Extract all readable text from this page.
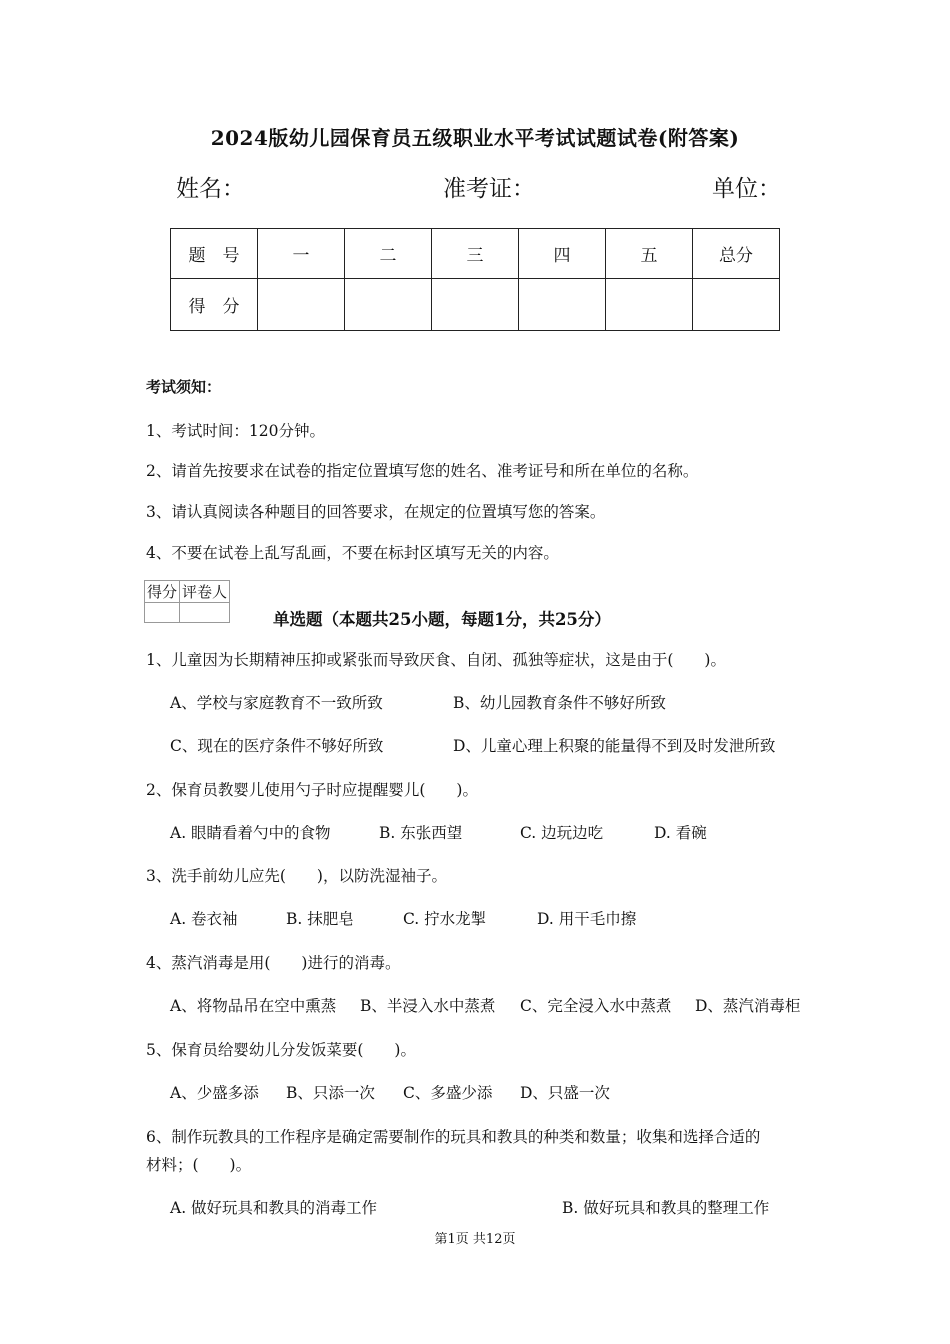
2024版幼儿园保育员五级职业水平考试试题试卷(附答案)
姓名：	准考证：	单位：
题　号	一	二	三	四	五	总分
得　分						
考试须知：
1、考试时间：120分钟。
2、请首先按要求在试卷的指定位置填写您的姓名、准考证号和所在单位的名称。
3、请认真阅读各种题目的回答要求，在规定的位置填写您的答案。
4、不要在试卷上乱写乱画，不要在标封区填写无关的内容。
得分	评卷人

单选题（本题共25小题，每题1分，共25分）
1、儿童因为长期精神压抑或紧张而导致厌食、自闭、孤独等症状，这是由于(　　)。
A、学校与家庭教育不一致所致	B、幼儿园教育条件不够好所致
C、现在的医疗条件不够好所致	D、儿童心理上积聚的能量得不到及时发泄所致
2、保育员教婴儿使用勺子时应提醒婴儿(　　)。
A. 眼睛看着勺中的食物	B. 东张西望	C. 边玩边吃	D. 看碗
3、洗手前幼儿应先(　　)，以防洗湿袖子。
A. 卷衣袖	B. 抹肥皂	C. 拧水龙掣	D. 用干毛巾擦
4、蒸汽消毒是用(　　)进行的消毒。
A、将物品吊在空中熏蒸 B、半浸入水中蒸煮 C、完全浸入水中蒸煮 D、蒸汽消毒柜
5、保育员给婴幼儿分发饭菜要(　　)。
A、少盛多添 B、只添一次 C、多盛少添 D、只盛一次
6、制作玩教具的工作程序是确定需要制作的玩具和教具的种类和数量；收集和选择合适的
材料；(　　)。
A. 做好玩具和教具的消毒工作	B. 做好玩具和教具的整理工作
第1页 共12页
